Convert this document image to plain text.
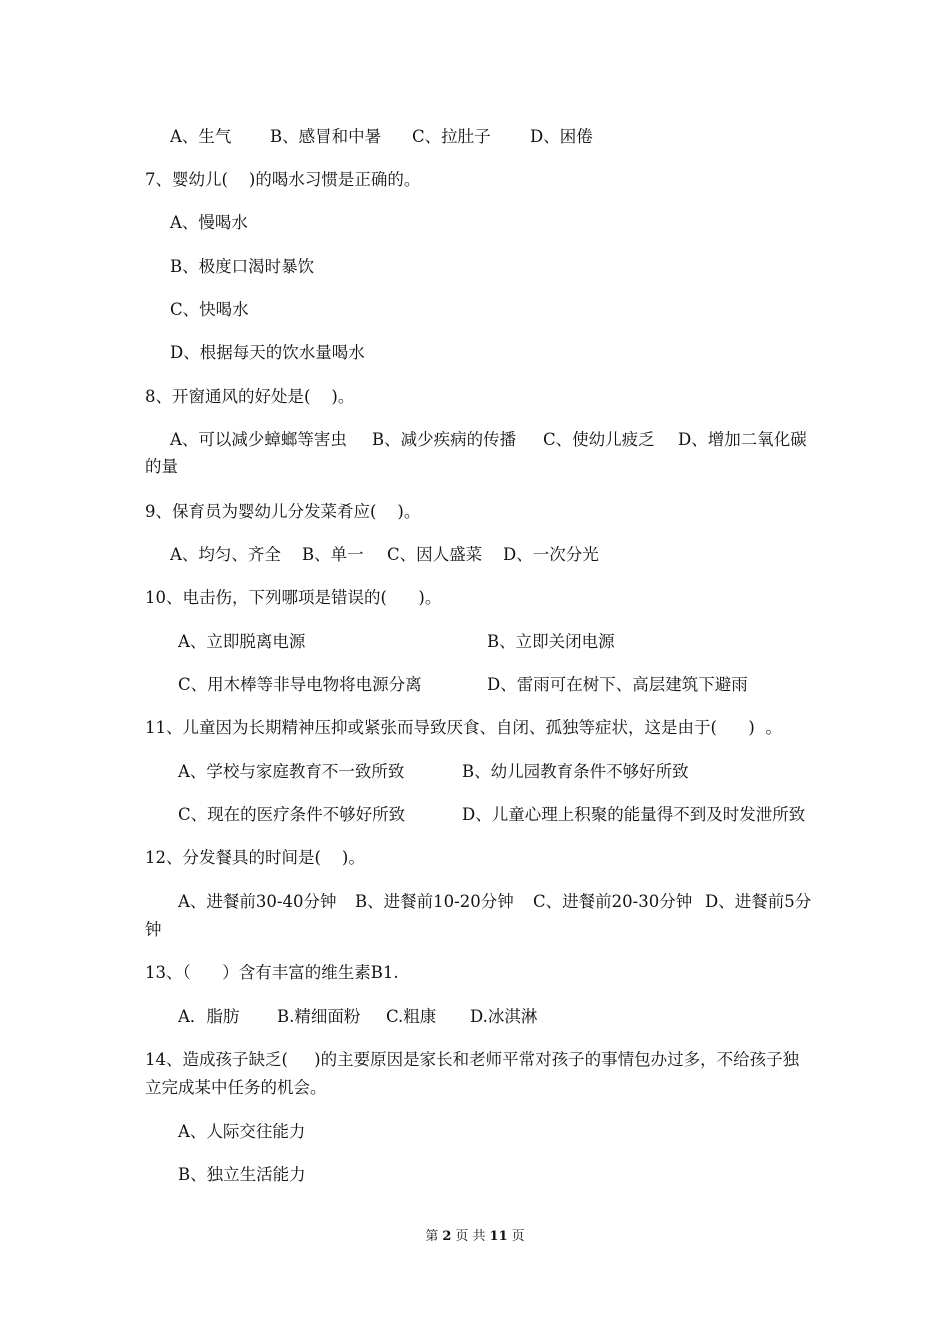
A、生气 B、感冒和中暑 C、拉肚子 D、困倦
7、婴幼儿(    )的喝水习惯是正确的。
A、慢喝水
B、极度口渴时暴饮
C、快喝水
D、根据每天的饮水量喝水
8、开窗通风的好处是(    )。
A、可以减少蟑螂等害虫 B、减少疾病的传播 C、使幼儿疲乏 D、增加二氧化碳
的量
9、保育员为婴幼儿分发菜肴应(    )。
A、均匀、齐全 B、单一 C、因人盛菜 D、一次分光
10、电击伤，下列哪项是错误的(      )。
A、立即脱离电源	B、立即关闭电源
C、用木棒等非导电物将电源分离	D、雷雨可在树下、高层建筑下避雨
11、儿童因为长期精神压抑或紧张而导致厌食、自闭、孤独等症状，这是由于(      )  。
A、学校与家庭教育不一致所致	B、幼儿园教育条件不够好所致
C、现在的医疗条件不够好所致	D、儿童心理上积聚的能量得不到及时发泄所致
12、分发餐具的时间是(    )。
A、进餐前30-40分钟 B、进餐前10-20分钟 C、进餐前20-30分钟 D、进餐前5分
钟
13、（      ）含有丰富的维生素B1.
A．脂肪 B.精细面粉 C.粗康 D.冰淇淋
14、造成孩子缺乏(     )的主要原因是家长和老师平常对孩子的事情包办过多，不给孩子独
立完成某中任务的机会。
A、人际交往能力
B、独立生活能力
第 2 页 共 11 页
